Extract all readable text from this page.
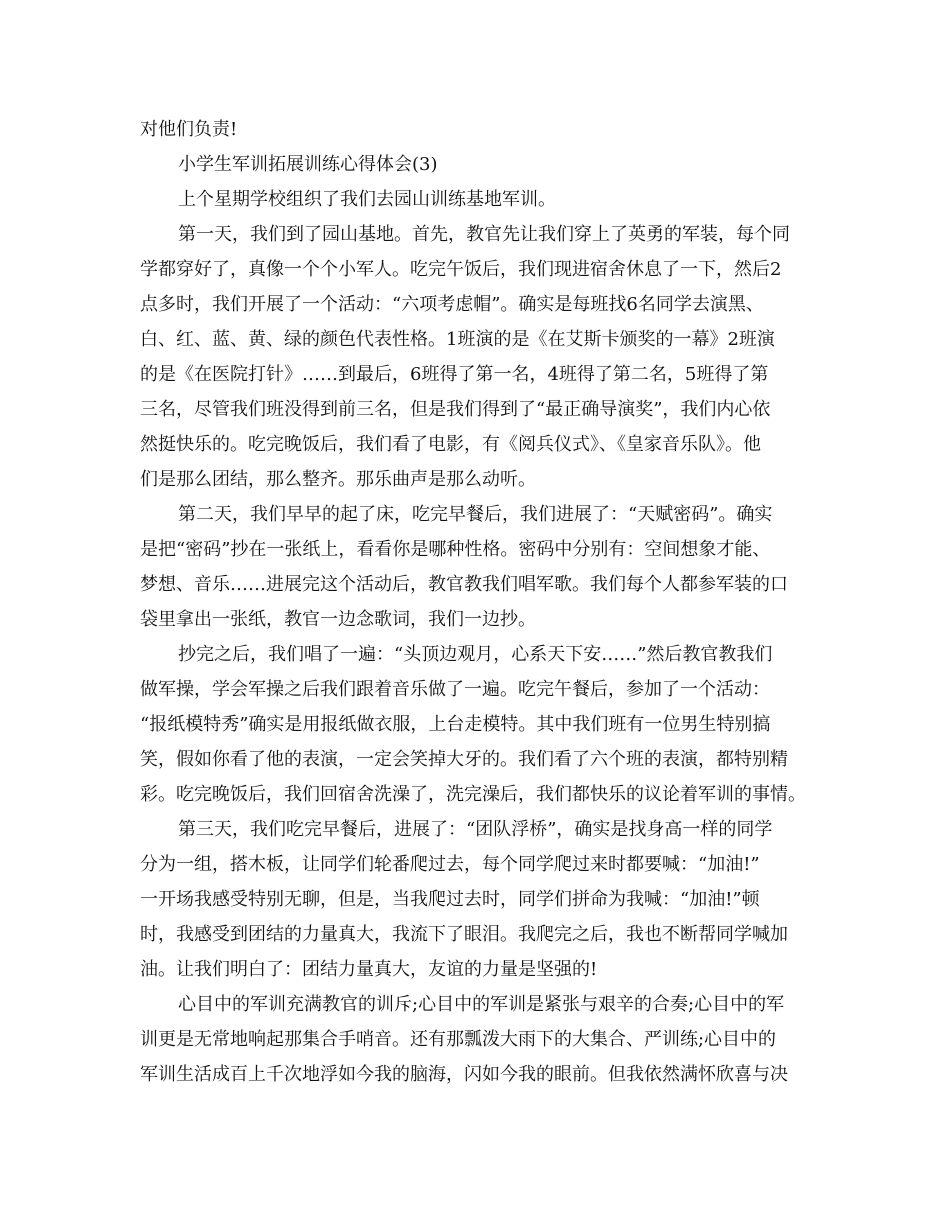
对他们负责!
小学生军训拓展训练心得体会(3)
上个星期学校组织了我们去园山训练基地军训。
第一天，我们到了园山基地。首先，教官先让我们穿上了英勇的军装，每个同
学都穿好了，真像一个个小军人。吃完午饭后，我们现进宿舍休息了一下，然后2
点多时，我们开展了一个活动：“六项考虑帽”。确实是每班找6名同学去演黑、
白、红、蓝、黄、绿的颜色代表性格。1班演的是《在艾斯卡颁奖的一幕》2班演
的是《在医院打针》……到最后，6班得了第一名，4班得了第二名，5班得了第
三名，尽管我们班没得到前三名，但是我们得到了“最正确导演奖”，我们内心依
然挺快乐的。吃完晚饭后，我们看了电影，有《阅兵仪式》、《皇家音乐队》。他
们是那么团结，那么整齐。那乐曲声是那么动听。
第二天，我们早早的起了床，吃完早餐后，我们进展了：“天赋密码”。确实
是把“密码”抄在一张纸上，看看你是哪种性格。密码中分别有：空间想象才能、
梦想、音乐……进展完这个活动后，教官教我们唱军歌。我们每个人都参军装的口
袋里拿出一张纸，教官一边念歌词，我们一边抄。
抄完之后，我们唱了一遍：“头顶边观月，心系天下安……”然后教官教我们
做军操，学会军操之后我们跟着音乐做了一遍。吃完午餐后，参加了一个活动：
“报纸模特秀”确实是用报纸做衣服，上台走模特。其中我们班有一位男生特别搞
笑，假如你看了他的表演，一定会笑掉大牙的。我们看了六个班的表演，都特别精
彩。吃完晚饭后，我们回宿舍洗澡了，洗完澡后，我们都快乐的议论着军训的事情。
第三天，我们吃完早餐后，进展了：“团队浮桥”，确实是找身高一样的同学
分为一组，搭木板，让同学们轮番爬过去，每个同学爬过来时都要喊：“加油!”
一开场我感受特别无聊，但是，当我爬过去时，同学们拼命为我喊：“加油!”顿
时，我感受到团结的力量真大，我流下了眼泪。我爬完之后，我也不断帮同学喊加
油。让我们明白了：团结力量真大，友谊的力量是坚强的!
心目中的军训充满教官的训斥;心目中的军训是紧张与艰辛的合奏;心目中的军
训更是无常地响起那集合手哨音。还有那瓢泼大雨下的大集合、严训练;心目中的
军训生活成百上千次地浮如今我的脑海，闪如今我的眼前。但我依然满怀欣喜与决
